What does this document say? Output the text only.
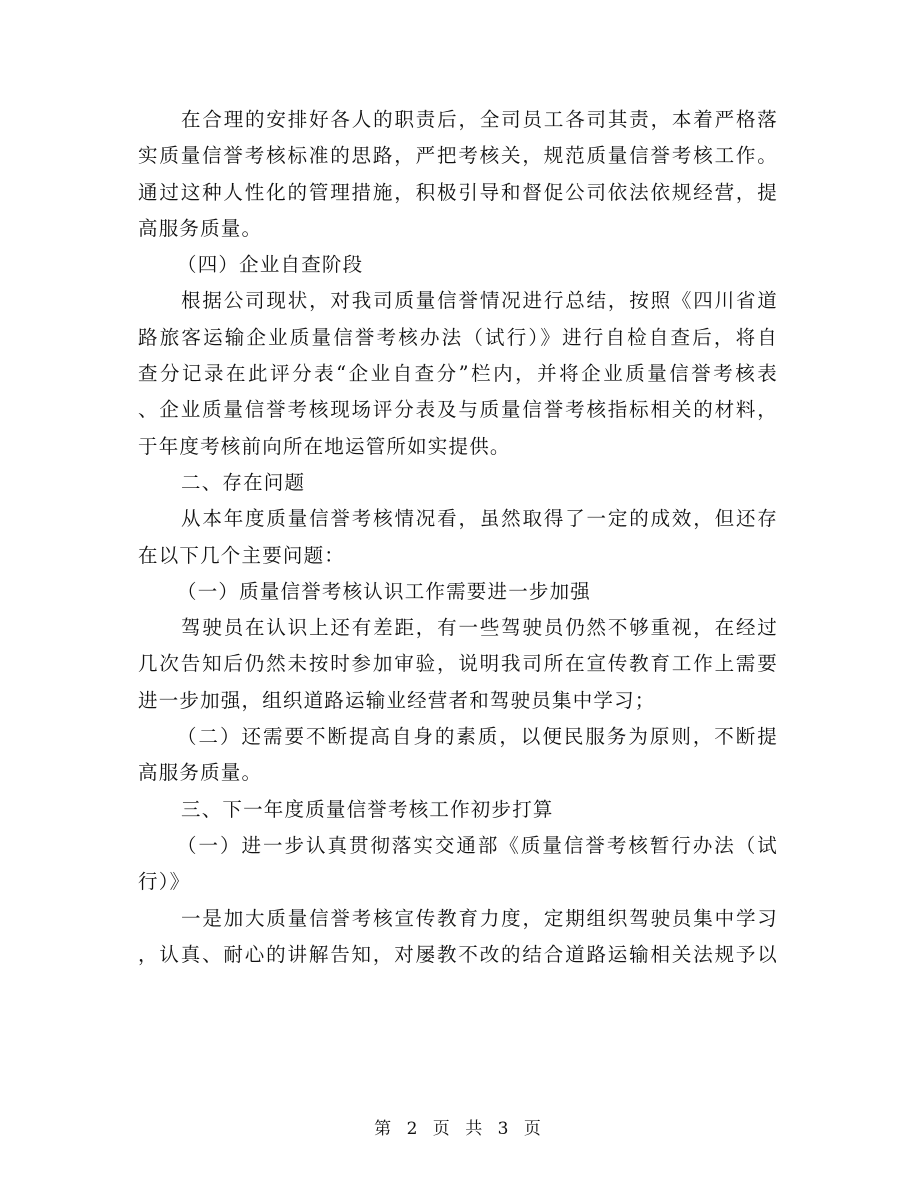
在合理的安排好各人的职责后，全司员工各司其责，本着严格落
实质量信誉考核标准的思路，严把考核关，规范质量信誉考核工作。
通过这种人性化的管理措施，积极引导和督促公司依法依规经营，提
高服务质量。
（四）企业自查阶段
根据公司现状，对我司质量信誉情况进行总结，按照《四川省道
路旅客运输企业质量信誉考核办法（试行）》进行自检自查后，将自
查分记录在此评分表“企业自查分”栏内，并将企业质量信誉考核表
、企业质量信誉考核现场评分表及与质量信誉考核指标相关的材料，
于年度考核前向所在地运管所如实提供。
二、存在问题
从本年度质量信誉考核情况看，虽然取得了一定的成效，但还存
在以下几个主要问题：
（一）质量信誉考核认识工作需要进一步加强
驾驶员在认识上还有差距，有一些驾驶员仍然不够重视，在经过
几次告知后仍然未按时参加审验，说明我司所在宣传教育工作上需要
进一步加强，组织道路运输业经营者和驾驶员集中学习；
（二）还需要不断提高自身的素质，以便民服务为原则，不断提
高服务质量。
三、下一年度质量信誉考核工作初步打算
（一）进一步认真贯彻落实交通部《质量信誉考核暂行办法（试
行）》
一是加大质量信誉考核宣传教育力度，定期组织驾驶员集中学习
，认真、耐心的讲解告知，对屡教不改的结合道路运输相关法规予以
第 2 页 共 3 页
